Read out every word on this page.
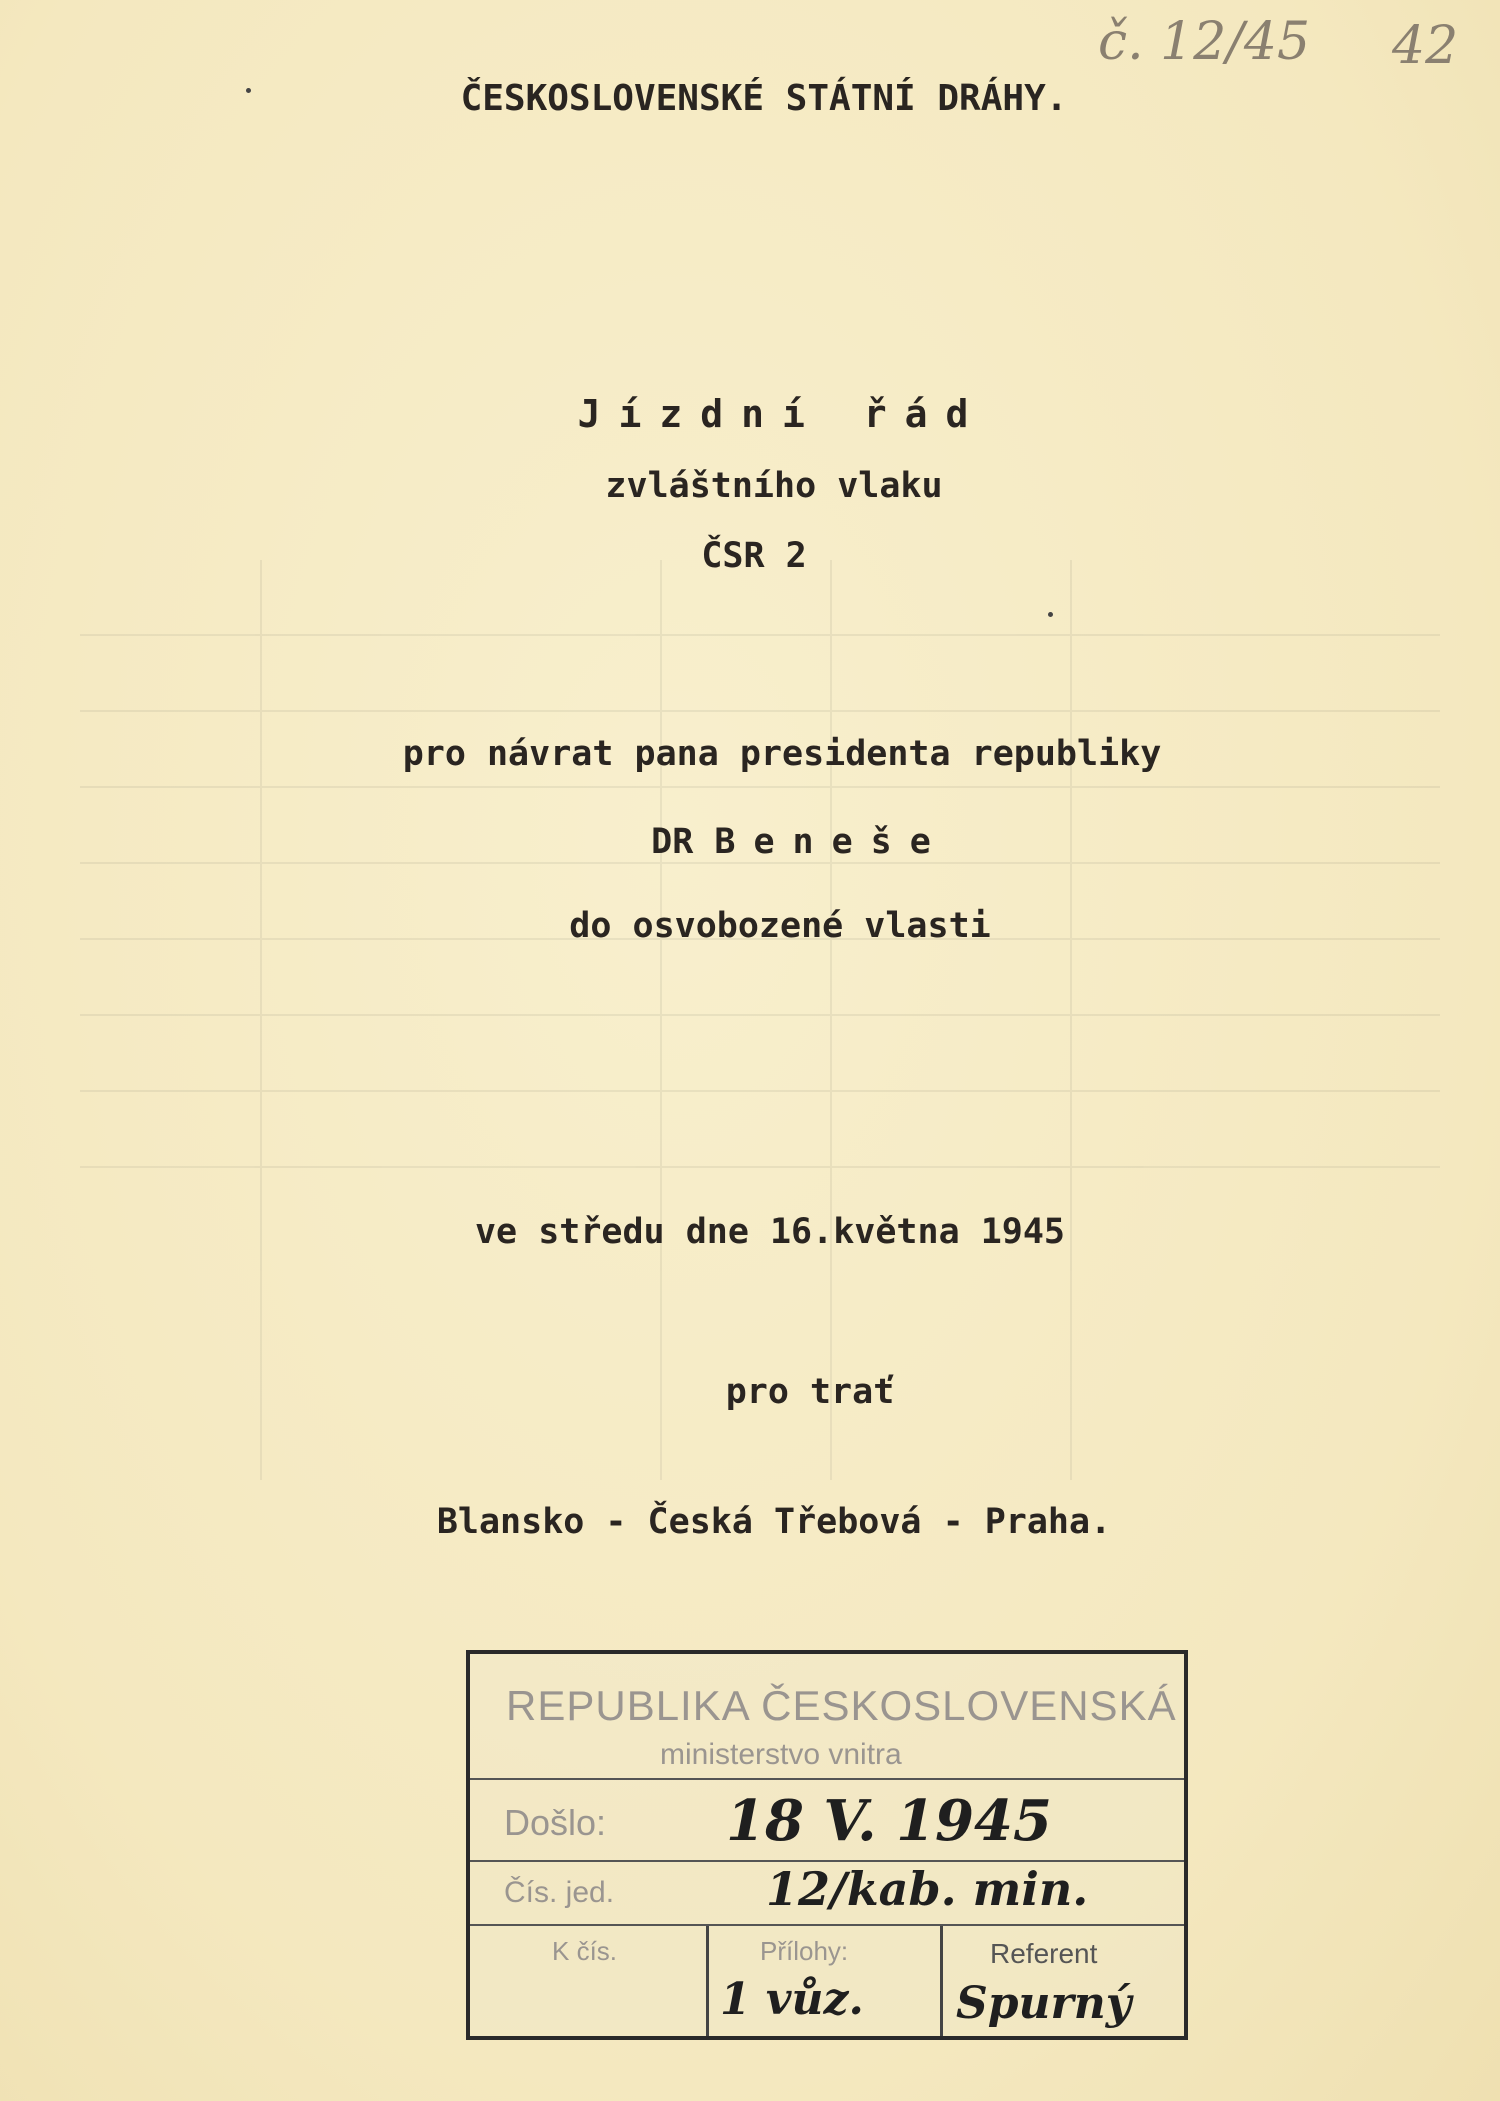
č. 12/45 42
ČESKOSLOVENSKÉ STÁTNÍ DRÁHY.
Jízdní řád
zvláštního vlaku
ČSR 2
pro návrat pana presidenta republiky
DR Beneše
do osvobozené vlasti
ve středu dne 16.května 1945
pro trať
Blansko - Česká Třebová - Praha.
REPUBLIKA ČESKOSLOVENSKÁ
ministerstvo vnitra
Došlo: 18 V. 1945
Čís. jed.	12/kab. min.
K čís.	Přílohy:
1 vůz.
Referent
Spurný
